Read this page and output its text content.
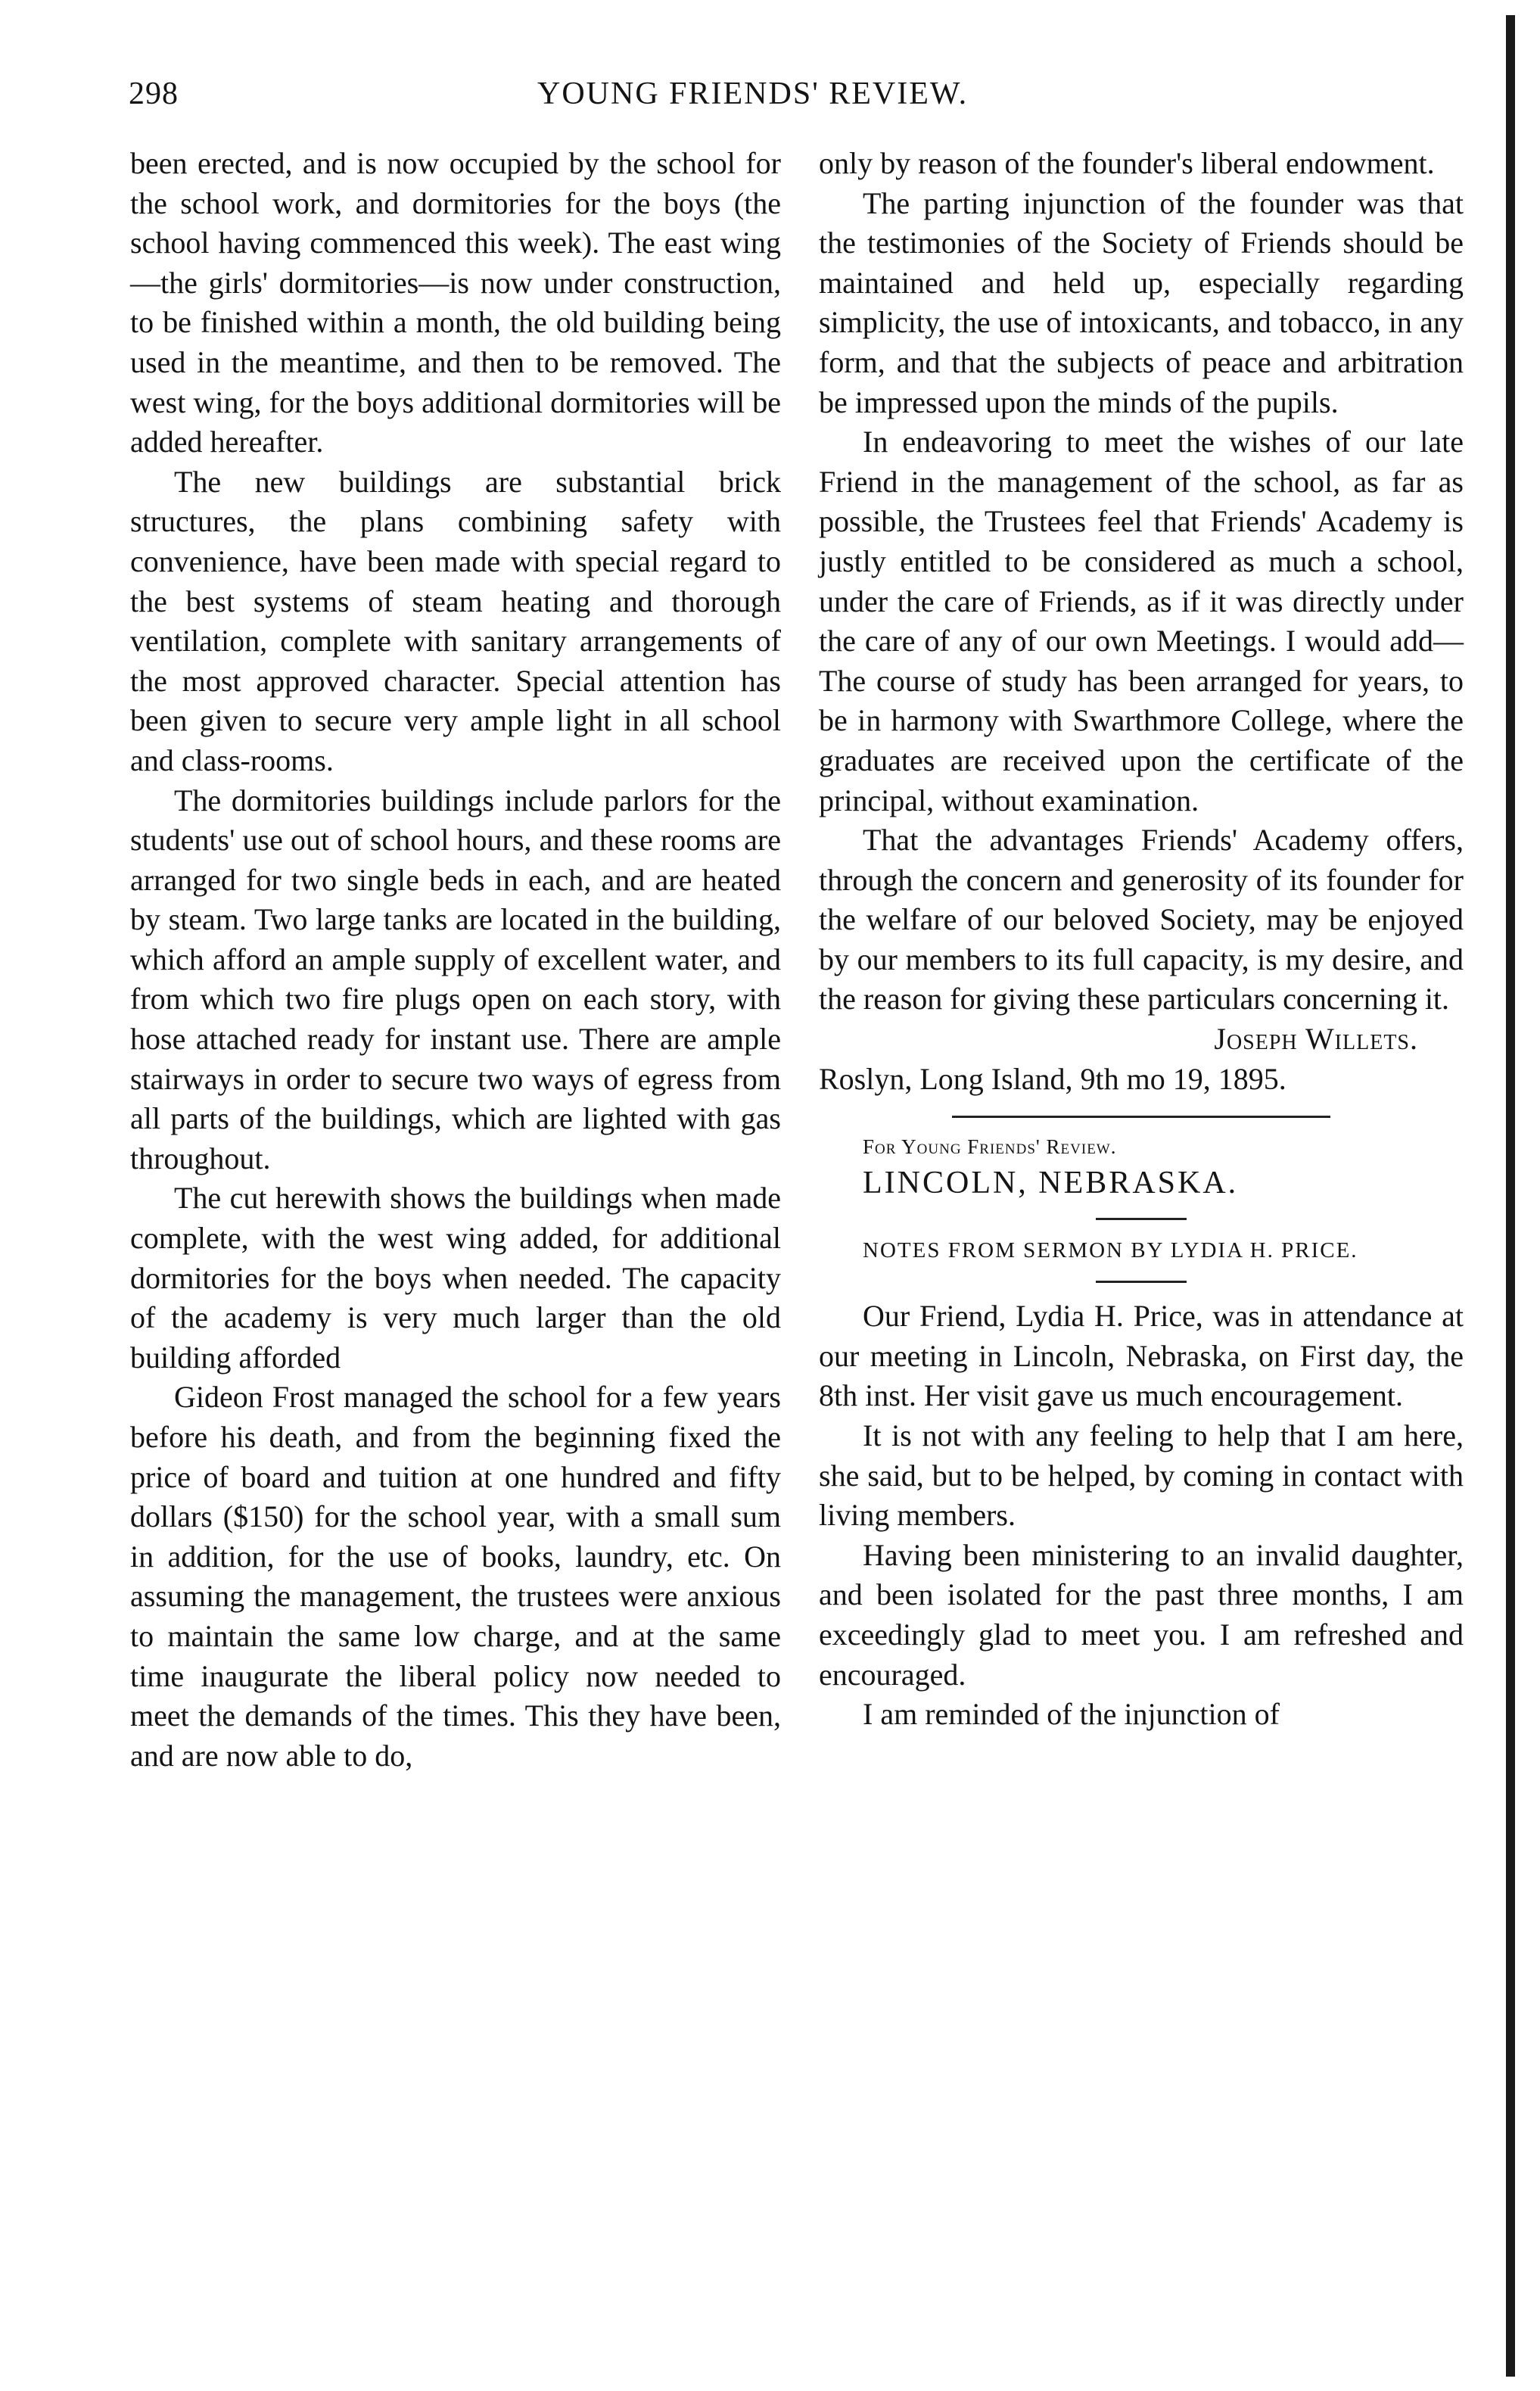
298	YOUNG FRIENDS' REVIEW.

been erected, and is now occupied by the school for the school work, and dormitories for the boys (the school having commenced this week). The east wing—the girls' dormitories—is now under construction, to be finished within a month, the old building being used in the meantime, and then to be removed. The west wing, for the boys additional dormitories will be added hereafter.

The new buildings are substantial brick structures, the plans combining safety with convenience, have been made with special regard to the best systems of steam heating and thorough ventilation, complete with sanitary arrangements of the most approved character. Special attention has been given to secure very ample light in all school and class-rooms.

The dormitories buildings include parlors for the students' use out of school hours, and these rooms are arranged for two single beds in each, and are heated by steam. Two large tanks are located in the building, which afford an ample supply of excellent water, and from which two fire plugs open on each story, with hose attached ready for instant use. There are ample stairways in order to secure two ways of egress from all parts of the buildings, which are lighted with gas throughout.

The cut herewith shows the buildings when made complete, with the west wing added, for additional dormitories for the boys when needed. The capacity of the academy is very much larger than the old building afforded

Gideon Frost managed the school for a few years before his death, and from the beginning fixed the price of board and tuition at one hundred and fifty dollars ($150) for the school year, with a small sum in addition, for the use of books, laundry, etc. On assuming the management, the trustees were anxious to maintain the same low charge, and at the same time inaugurate the liberal policy now needed to meet the demands of the times. This they have been, and are now able to do,

only by reason of the founder's liberal endowment.

The parting injunction of the founder was that the testimonies of the Society of Friends should be maintained and held up, especially regarding simplicity, the use of intoxicants, and tobacco, in any form, and that the subjects of peace and arbitration be impressed upon the minds of the pupils.

In endeavoring to meet the wishes of our late Friend in the management of the school, as far as possible, the Trustees feel that Friends' Academy is justly entitled to be considered as much a school, under the care of Friends, as if it was directly under the care of any of our own Meetings. I would add—The course of study has been arranged for years, to be in harmony with Swarthmore College, where the graduates are received upon the certificate of the principal, without examination.

That the advantages Friends' Academy offers, through the concern and generosity of its founder for the welfare of our beloved Society, may be enjoyed by our members to its full capacity, is my desire, and the reason for giving these particulars concerning it.

Joseph Willets.

Roslyn, Long Island, 9th mo 19, 1895.

For Young Friends' Review.

LINCOLN, NEBRASKA.

NOTES FROM SERMON BY LYDIA H. PRICE.

Our Friend, Lydia H. Price, was in attendance at our meeting in Lincoln, Nebraska, on First day, the 8th inst. Her visit gave us much encouragement.

It is not with any feeling to help that I am here, she said, but to be helped, by coming in contact with living members.

Having been ministering to an invalid daughter, and been isolated for the past three months, I am exceedingly glad to meet you. I am refreshed and encouraged.

I am reminded of the injunction of
